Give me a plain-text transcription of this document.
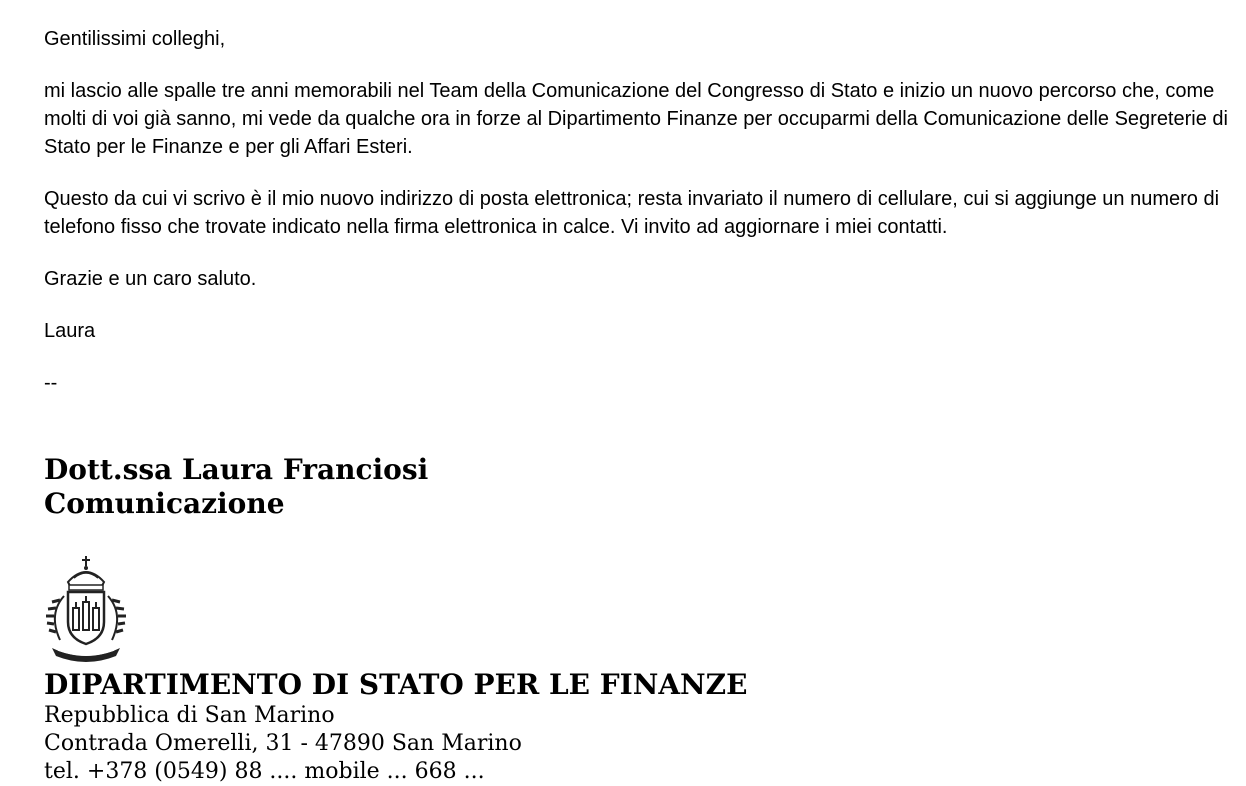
Gentilissimi colleghi,

mi lascio alle spalle tre anni memorabili nel Team della Comunicazione del Congresso di Stato e inizio un nuovo percorso che, come molti di voi già sanno, mi vede da qualche ora in forze al Dipartimento Finanze per occuparmi della Comunicazione delle Segreterie di Stato per le Finanze e per gli Affari Esteri.

Questo da cui vi scrivo è il mio nuovo indirizzo di posta elettronica; resta invariato il numero di cellulare, cui si aggiunge un numero di telefono fisso che trovate indicato nella firma elettronica in calce. Vi invito ad aggiornare i miei contatti.

Grazie e un caro saluto.

Laura

--

Dott.ssa Laura Franciosi
Comunicazione
DIPARTIMENTO DI STATO PER LE FINANZE
Repubblica di San Marino
Contrada Omerelli, 31 - 47890 San Marino
tel. +378 (0549) 88 .... mobile ... 668 ...
